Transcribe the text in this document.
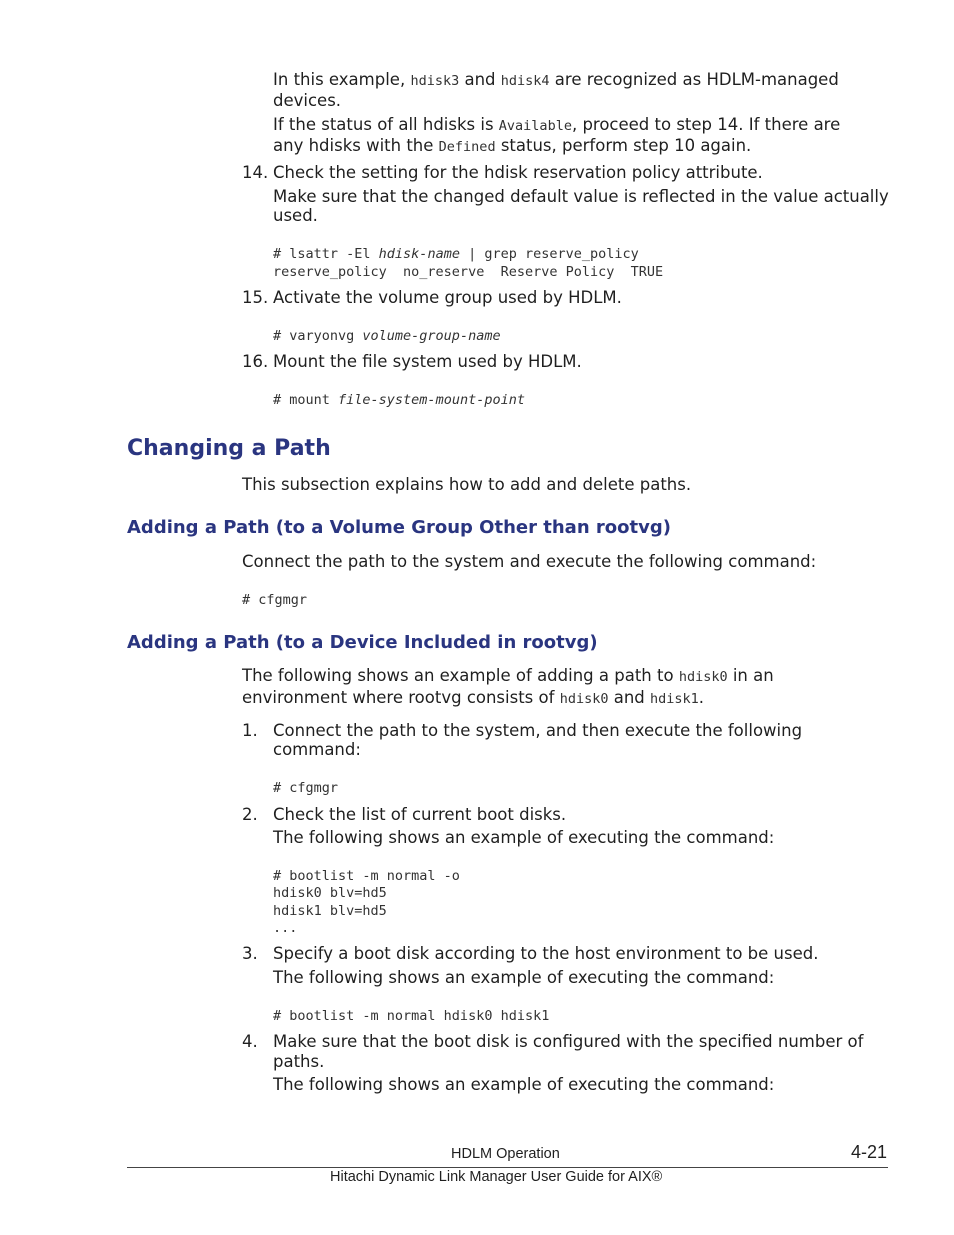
In this example, hdisk3 and hdisk4 are recognized as HDLM-managed
devices.
If the status of all hdisks is Available, proceed to step 14. If there are
any hdisks with the Defined status, perform step 10 again.
14. Check the setting for the hdisk reservation policy attribute.
Make sure that the changed default value is reflected in the value actually
used.
# lsattr -El hdisk-name | grep reserve_policy
reserve_policy  no_reserve  Reserve Policy  TRUE
15. Activate the volume group used by HDLM.
# varyonvg volume-group-name
16. Mount the file system used by HDLM.
# mount file-system-mount-point
Changing a Path
This subsection explains how to add and delete paths.
Adding a Path (to a Volume Group Other than rootvg)
Connect the path to the system and execute the following command:
# cfgmgr
Adding a Path (to a Device Included in rootvg)
The following shows an example of adding a path to hdisk0 in an
environment where rootvg consists of hdisk0 and hdisk1.
1. Connect the path to the system, and then execute the following
command:
# cfgmgr
2. Check the list of current boot disks.
The following shows an example of executing the command:
# bootlist -m normal -o
hdisk0 blv=hd5
hdisk1 blv=hd5
...
3. Specify a boot disk according to the host environment to be used.
The following shows an example of executing the command:
# bootlist -m normal hdisk0 hdisk1
4. Make sure that the boot disk is configured with the specified number of
paths.
The following shows an example of executing the command:
HDLM Operation	4-21
Hitachi Dynamic Link Manager User Guide for AIX®
